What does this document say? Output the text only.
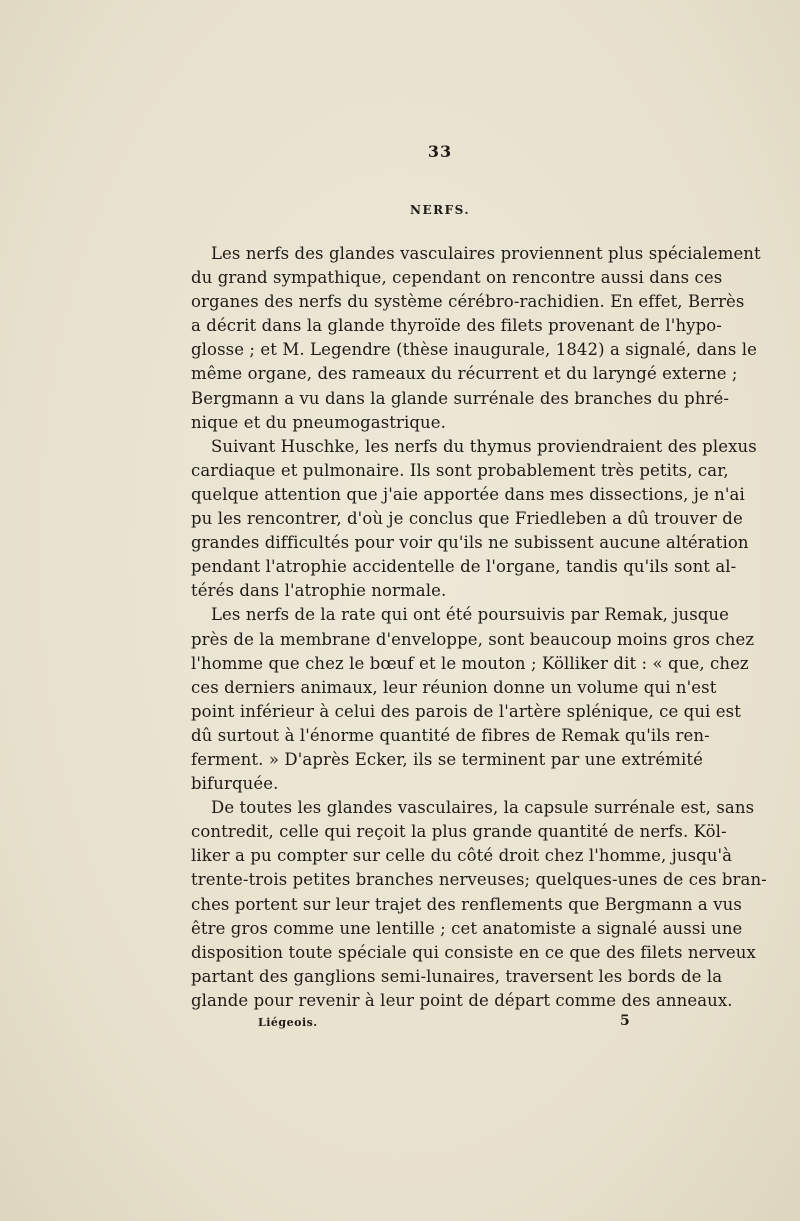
33
NERFS.
Les nerfs des glandes vasculaires proviennent plus spécialement
du grand sympathique, cependant on rencontre aussi dans ces
organes des nerfs du système cérébro-rachidien. En effet, Berrès
a décrit dans la glande thyroïde des filets provenant de l'hypo-
glosse ; et M. Legendre (thèse inaugurale, 1842) a signalé, dans le
même organe, des rameaux du récurrent et du laryngé externe ;
Bergmann a vu dans la glande surrénale des branches du phré-
nique et du pneumogastrique.
Suivant Huschke, les nerfs du thymus proviendraient des plexus
cardiaque et pulmonaire. Ils sont probablement très petits, car,
quelque attention que j'aie apportée dans mes dissections, je n'ai
pu les rencontrer, d'où je conclus que Friedleben a dû trouver de
grandes difficultés pour voir qu'ils ne subissent aucune altération
pendant l'atrophie accidentelle de l'organe, tandis qu'ils sont al-
térés dans l'atrophie normale.
Les nerfs de la rate qui ont été poursuivis par Remak, jusque
près de la membrane d'enveloppe, sont beaucoup moins gros chez
l'homme que chez le bœuf et le mouton ; Kölliker dit : « que, chez
ces derniers animaux, leur réunion donne un volume qui n'est
point inférieur à celui des parois de l'artère splénique, ce qui est
dû surtout à l'énorme quantité de fibres de Remak qu'ils ren-
ferment. » D'après Ecker, ils se terminent par une extrémité
bifurquée.
De toutes les glandes vasculaires, la capsule surrénale est, sans
contredit, celle qui reçoit la plus grande quantité de nerfs. Köl-
liker a pu compter sur celle du côté droit chez l'homme, jusqu'à
trente-trois petites branches nerveuses; quelques-unes de ces bran-
ches portent sur leur trajet des renflements que Bergmann a vus
être gros comme une lentille ; cet anatomiste a signalé aussi une
disposition toute spéciale qui consiste en ce que des filets nerveux
partant des ganglions semi-lunaires, traversent les bords de la
glande pour revenir à leur point de départ comme des anneaux.
Liégeois.	5
